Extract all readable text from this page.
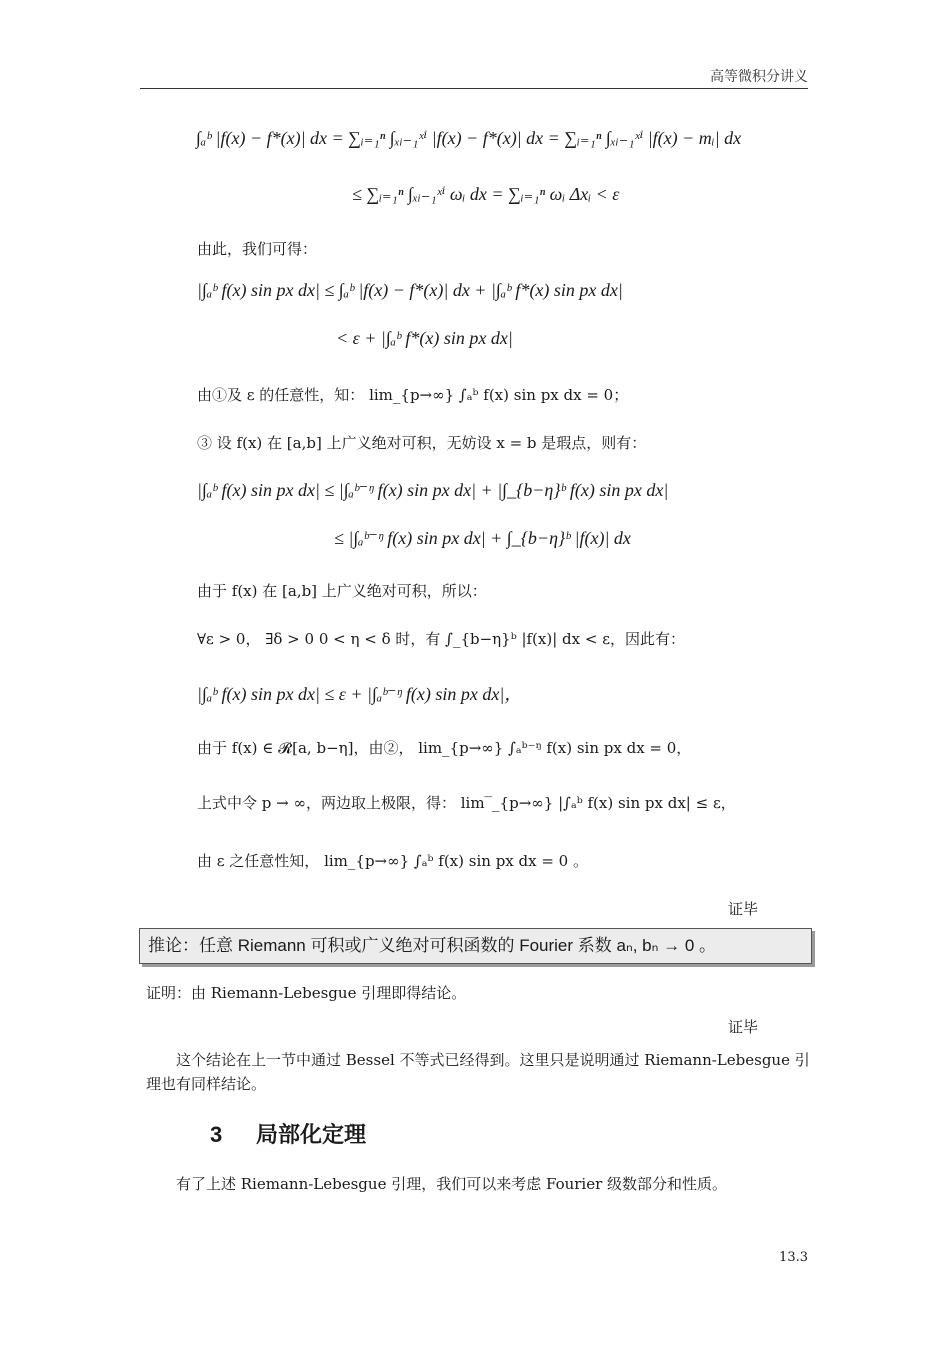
高等微积分讲义
∫ₐᵇ |f(x) − f*(x)| dx = ∑ᵢ₌₁ⁿ ∫ₓᵢ₋₁ˣⁱ |f(x) − f*(x)| dx = ∑ᵢ₌₁ⁿ ∫ₓᵢ₋₁ˣⁱ |f(x) − mᵢ| dx
≤ ∑ᵢ₌₁ⁿ ∫ₓᵢ₋₁ˣⁱ ωᵢ dx = ∑ᵢ₌₁ⁿ ωᵢ Δxᵢ < ε
由此，我们可得：
|∫ₐᵇ f(x) sin px dx| ≤ ∫ₐᵇ |f(x) − f*(x)| dx + |∫ₐᵇ f*(x) sin px dx|
< ε + |∫ₐᵇ f*(x) sin px dx|
由①及 ε 的任意性，知： lim_{p→∞} ∫ₐᵇ f(x) sin px dx = 0；
③ 设 f(x) 在 [a,b] 上广义绝对可积，无妨设 x = b 是瑕点，则有：
|∫ₐᵇ f(x) sin px dx| ≤ |∫ₐᵇ⁻ᵑ f(x) sin px dx| + |∫_{b−η}ᵇ f(x) sin px dx|
≤ |∫ₐᵇ⁻ᵑ f(x) sin px dx| + ∫_{b−η}ᵇ |f(x)| dx
由于 f(x) 在 [a,b] 上广义绝对可积，所以：
∀ε > 0， ∃δ > 0 0 < η < δ 时，有 ∫_{b−η}ᵇ |f(x)| dx < ε，因此有：
|∫ₐᵇ f(x) sin px dx| ≤ ε + |∫ₐᵇ⁻ᵑ f(x) sin px dx|，
由于 f(x) ∈ 𝓡[a, b−η]，由②， lim_{p→∞} ∫ₐᵇ⁻ᵑ f(x) sin px dx = 0，
上式中令 p → ∞，两边取上极限，得： lim‾_{p→∞} |∫ₐᵇ f(x) sin px dx| ≤ ε，
由 ε 之任意性知， lim_{p→∞} ∫ₐᵇ f(x) sin px dx = 0 。
证毕
推论：任意 Riemann 可积或广义绝对可积函数的 Fourier 系数 aₙ, bₙ → 0 。
证明：由 Riemann-Lebesgue 引理即得结论。
证毕
这个结论在上一节中通过 Bessel 不等式已经得到。这里只是说明通过 Riemann-Lebesgue 引理也有同样结论。
3 局部化定理
有了上述 Riemann-Lebesgue 引理，我们可以来考虑 Fourier 级数部分和性质。
13.3
